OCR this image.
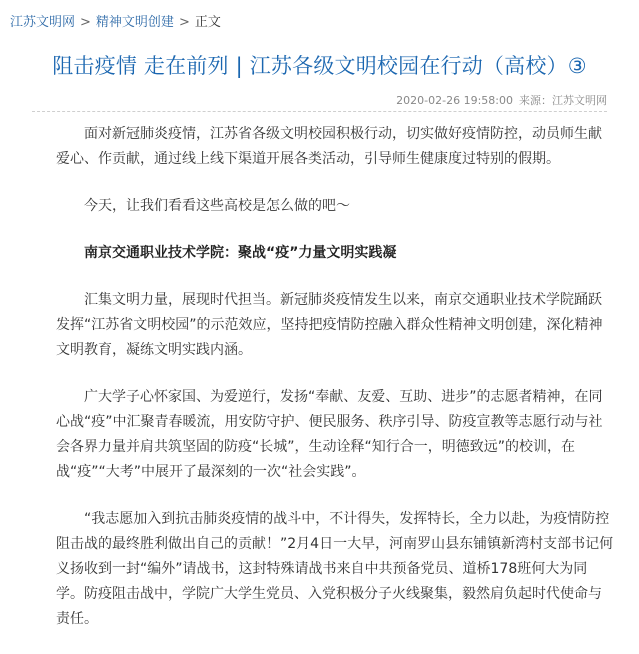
江苏文明网 > 精神文明创建 > 正文
阻击疫情 走在前列 | 江苏各级文明校园在行动（高校）③
2020-02-26 19:58:00 来源：江苏文明网

面对新冠肺炎疫情，江苏省各级文明校园积极行动，切实做好疫情防控，动员师生献爱心、作贡献，通过线上线下渠道开展各类活动，引导师生健康度过特别的假期。

今天，让我们看看这些高校是怎么做的吧～

南京交通职业技术学院：聚战“疫”力量文明实践凝

汇集文明力量，展现时代担当。新冠肺炎疫情发生以来，南京交通职业技术学院踊跃发挥“江苏省文明校园”的示范效应，坚持把疫情防控融入群众性精神文明创建，深化精神文明教育，凝练文明实践内涵。

广大学子心怀家国、为爱逆行，发扬“奉献、友爱、互助、进步”的志愿者精神，在同心战“疫”中汇聚青春暖流，用安防守护、便民服务、秩序引导、防疫宣教等志愿行动与社会各界力量并肩共筑坚固的防疫“长城”，生动诠释“知行合一，明德致远”的校训，在战“疫”“大考”中展开了最深刻的一次“社会实践”。

“我志愿加入到抗击肺炎疫情的战斗中，不计得失，发挥特长，全力以赴，为疫情防控阻击战的最终胜利做出自己的贡献！”2月4日一大早，河南罗山县东铺镇新湾村支部书记何义扬收到一封“编外”请战书，这封特殊请战书来自中共预备党员、道桥178班何大为同学。防疫阻击战中，学院广大学生党员、入党积极分子火线聚集，毅然肩负起时代使命与责任。
